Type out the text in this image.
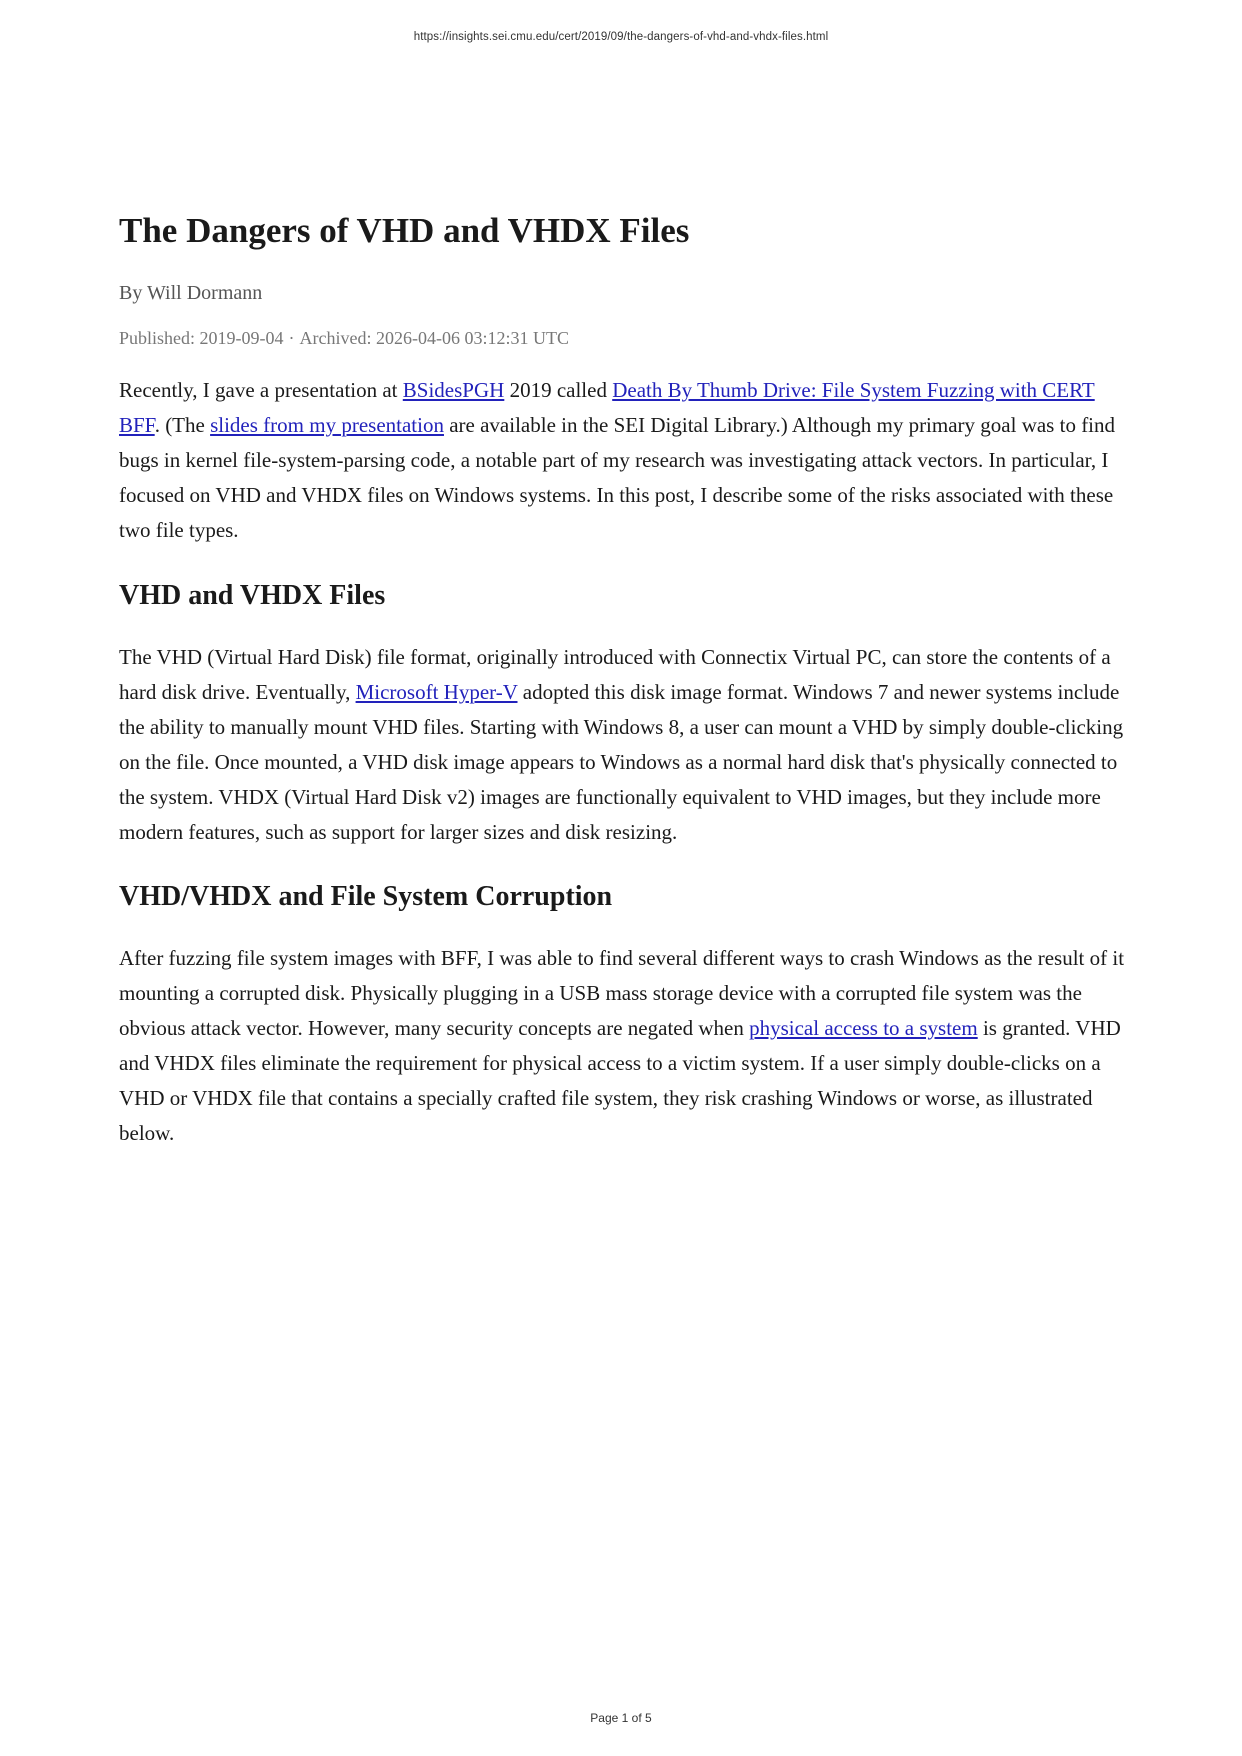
https://insights.sei.cmu.edu/cert/2019/09/the-dangers-of-vhd-and-vhdx-files.html
The Dangers of VHD and VHDX Files
By Will Dormann
Published: 2019-09-04 · Archived: 2026-04-06 03:12:31 UTC

Recently, I gave a presentation at BSidesPGH 2019 called Death By Thumb Drive: File System Fuzzing with CERT BFF. (The slides from my presentation are available in the SEI Digital Library.) Although my primary goal was to find bugs in kernel file-system-parsing code, a notable part of my research was investigating attack vectors. In particular, I focused on VHD and VHDX files on Windows systems. In this post, I describe some of the risks associated with these two file types.

VHD and VHDX Files

The VHD (Virtual Hard Disk) file format, originally introduced with Connectix Virtual PC, can store the contents of a hard disk drive. Eventually, Microsoft Hyper-V adopted this disk image format. Windows 7 and newer systems include the ability to manually mount VHD files. Starting with Windows 8, a user can mount a VHD by simply double-clicking on the file. Once mounted, a VHD disk image appears to Windows as a normal hard disk that's physically connected to the system. VHDX (Virtual Hard Disk v2) images are functionally equivalent to VHD images, but they include more modern features, such as support for larger sizes and disk resizing.

VHD/VHDX and File System Corruption

After fuzzing file system images with BFF, I was able to find several different ways to crash Windows as the result of it mounting a corrupted disk. Physically plugging in a USB mass storage device with a corrupted file system was the obvious attack vector. However, many security concepts are negated when physical access to a system is granted. VHD and VHDX files eliminate the requirement for physical access to a victim system. If a user simply double-clicks on a VHD or VHDX file that contains a specially crafted file system, they risk crashing Windows or worse, as illustrated below.

Page 1 of 5
